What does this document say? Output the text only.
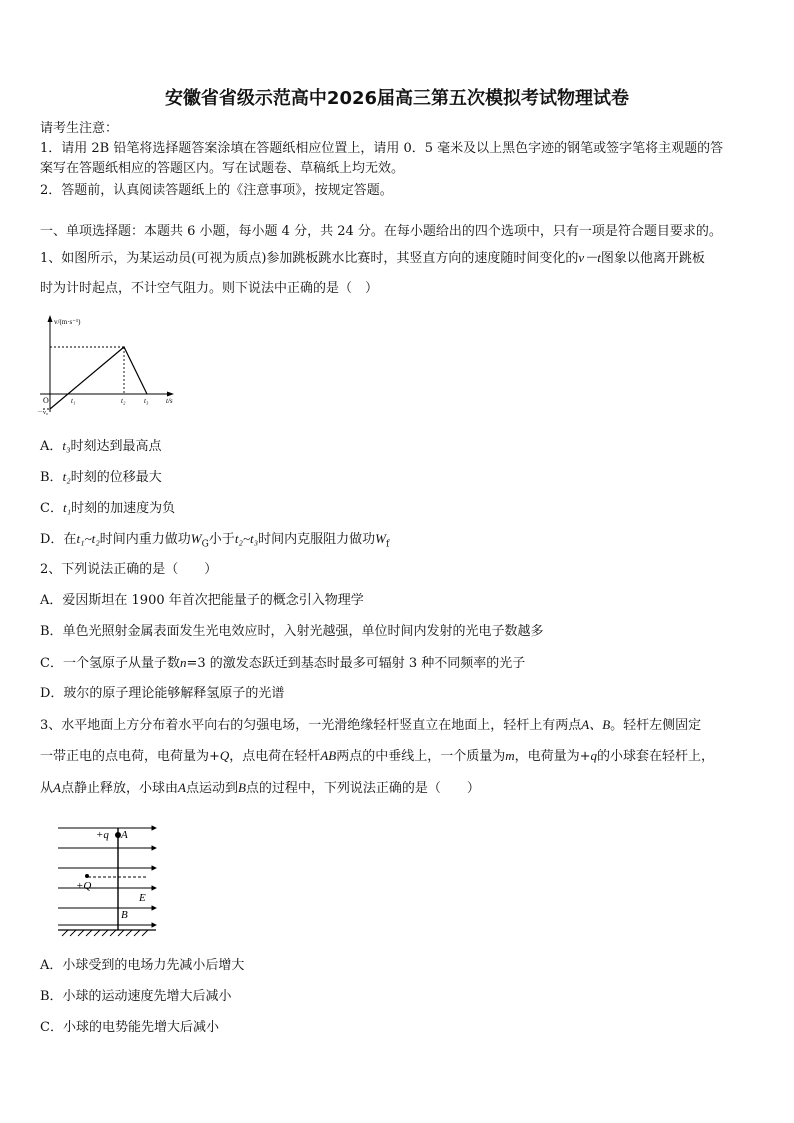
安徽省省级示范高中2026届高三第五次模拟考试物理试卷
请考生注意：
1．请用 2B 铅笔将选择题答案涂填在答题纸相应位置上，请用 0．5 毫米及以上黑色字迹的钢笔或签字笔将主观题的答
案写在答题纸相应的答题区内。写在试题卷、草稿纸上均无效。
2．答题前，认真阅读答题纸上的《注意事项》，按规定答题。
一、单项选择题：本题共 6 小题，每小题 4 分，共 24 分。在每小题给出的四个选项中，只有一项是符合题目要求的。
1、如图所示，为某运动员(可视为质点)参加跳板跳水比赛时，其竖直方向的速度随时间变化的v－t图象以他离开跳板
时为计时起点，不计空气阻力。则下说法中正确的是（　）
v/(m·s⁻¹)
O
－v₀
t₁	t₂	t₃	t/s
A．t₃时刻达到最高点
B．t₂时刻的位移最大
C．t₁时刻的加速度为负
D．在t₁~t₂时间内重力做功$W_G$小于t₂~t₃时间内克服阻力做功$W_f$
2、下列说法正确的是（　　）
A．爱因斯坦在 1900 年首次把能量子的概念引入物理学
B．单色光照射金属表面发生光电效应时，入射光越强，单位时间内发射的光电子数越多
C．一个氢原子从量子数n=3 的激发态跃迁到基态时最多可辐射 3 种不同频率的光子
D．玻尔的原子理论能够解释氢原子的光谱
3、水平地面上方分布着水平向右的匀强电场，一光滑绝缘轻杆竖直立在地面上，轻杆上有两点A、B。轻杆左侧固定
一带正电的点电荷，电荷量为+Q，点电荷在轻杆AB两点的中垂线上，一个质量为m，电荷量为+q的小球套在轻杆上，
从A点静止释放，小球由A点运动到B点的过程中，下列说法正确的是（　　）
+q A
+Q
E
B
A．小球受到的电场力先减小后增大
B．小球的运动速度先增大后减小
C．小球的电势能先增大后减小
